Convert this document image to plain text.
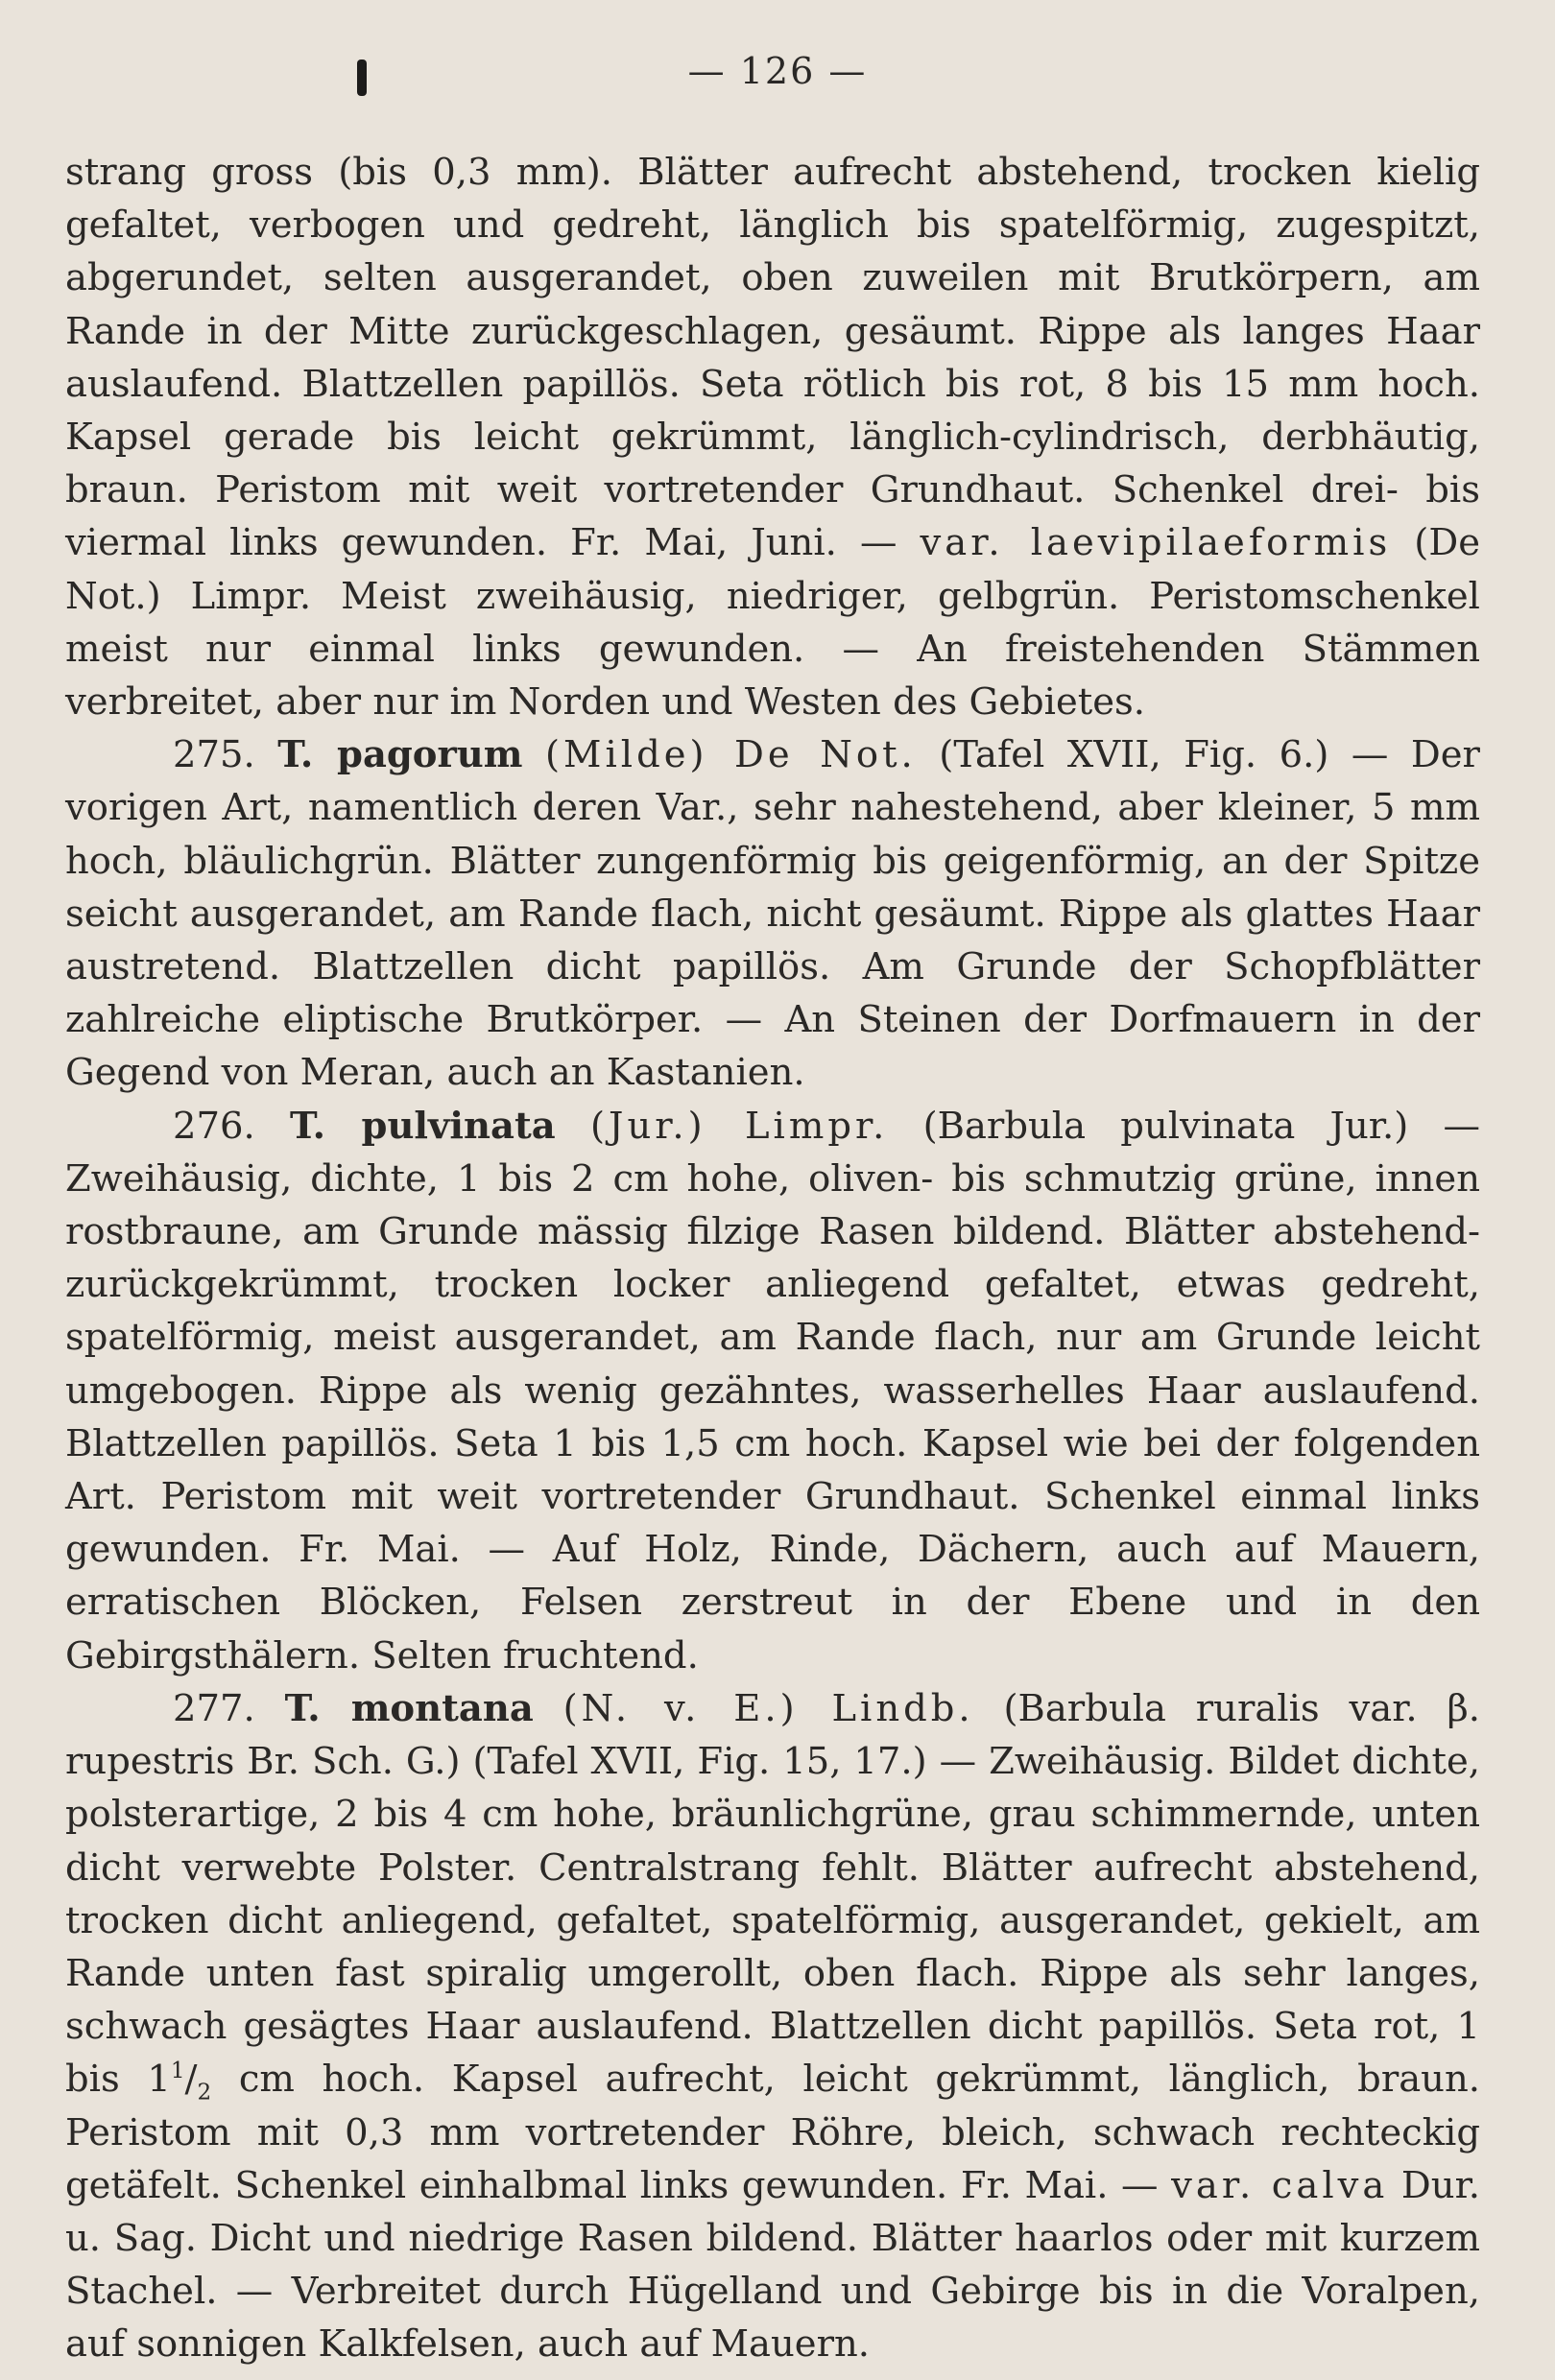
— 126 —

strang gross (bis 0,3 mm). Blätter aufrecht abstehend, trocken kielig gefaltet, verbogen und gedreht, länglich bis spatelförmig, zugespitzt, abgerundet, selten ausgerandet, oben zuweilen mit Brutkörpern, am Rande in der Mitte zurückgeschlagen, gesäumt. Rippe als langes Haar auslaufend. Blattzellen papillös. Seta rötlich bis rot, 8 bis 15 mm hoch. Kapsel gerade bis leicht gekrümmt, länglich-cylindrisch, derbhäutig, braun. Peristom mit weit vortretender Grundhaut. Schenkel drei- bis viermal links gewunden. Fr. Mai, Juni. — var. laevipilaeformis (De Not.) Limpr. Meist zweihäusig, niedriger, gelbgrün. Peristomschenkel meist nur einmal links gewunden. — An freistehenden Stämmen verbreitet, aber nur im Norden und Westen des Gebietes.

275. T. pagorum (Milde) De Not. (Tafel XVII, Fig. 6.) — Der vorigen Art, namentlich deren Var., sehr nahestehend, aber kleiner, 5 mm hoch, bläulichgrün. Blätter zungenförmig bis geigenförmig, an der Spitze seicht ausgerandet, am Rande flach, nicht gesäumt. Rippe als glattes Haar austretend. Blattzellen dicht papillös. Am Grunde der Schopfblätter zahlreiche eliptische Brutkörper. — An Steinen der Dorfmauern in der Gegend von Meran, auch an Kastanien.

276. T. pulvinata (Jur.) Limpr. (Barbula pulvinata Jur.) — Zweihäusig, dichte, 1 bis 2 cm hohe, oliven- bis schmutzig grüne, innen rostbraune, am Grunde mässig filzige Rasen bildend. Blätter abstehend-zurückgekrümmt, trocken locker anliegend gefaltet, etwas gedreht, spatelförmig, meist ausgerandet, am Rande flach, nur am Grunde leicht umgebogen. Rippe als wenig gezähntes, wasserhelles Haar auslaufend. Blattzellen papillös. Seta 1 bis 1,5 cm hoch. Kapsel wie bei der folgenden Art. Peristom mit weit vortretender Grundhaut. Schenkel einmal links gewunden. Fr. Mai. — Auf Holz, Rinde, Dächern, auch auf Mauern, erratischen Blöcken, Felsen zerstreut in der Ebene und in den Gebirgsthälern. Selten fruchtend.

277. T. montana (N. v. E.) Lindb. (Barbula ruralis var. β. rupestris Br. Sch. G.) (Tafel XVII, Fig. 15, 17.) — Zweihäusig. Bildet dichte, polsterartige, 2 bis 4 cm hohe, bräunlichgrüne, grau schimmernde, unten dicht verwebte Polster. Centralstrang fehlt. Blätter aufrecht abstehend, trocken dicht anliegend, gefaltet, spatelförmig, ausgerandet, gekielt, am Rande unten fast spiralig umgerollt, oben flach. Rippe als sehr langes, schwach gesägtes Haar auslaufend. Blattzellen dicht papillös. Seta rot, 1 bis $1^1/_2$ cm hoch. Kapsel aufrecht, leicht gekrümmt, länglich, braun. Peristom mit 0,3 mm vortretender Röhre, bleich, schwach rechteckig getäfelt. Schenkel einhalbmal links gewunden. Fr. Mai. — var. calva Dur. u. Sag. Dicht und niedrige Rasen bildend. Blätter haarlos oder mit kurzem Stachel. — Verbreitet durch Hügelland und Gebirge bis in die Voralpen, auf sonnigen Kalkfelsen, auch auf Mauern.
